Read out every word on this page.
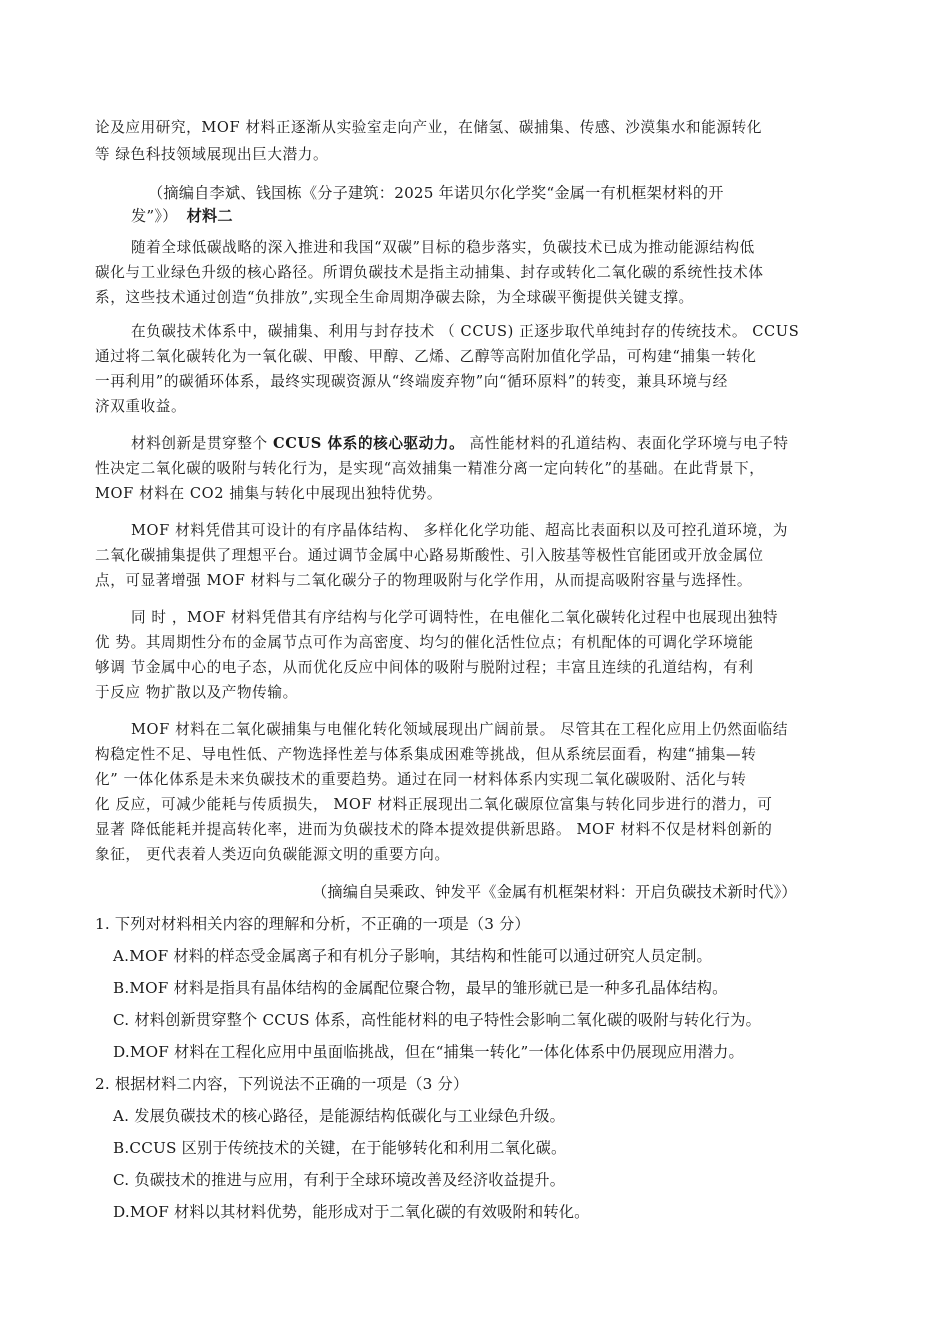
论及应用研究，MOF 材料正逐渐从实验室走向产业，在储氢、碳捕集、传感、沙漠集水和能源转化
等 绿色科技领域展现出巨大潜力。
（摘编自李斌、钱国栋《分子建筑：2025 年诺贝尔化学奖“金属一有机框架材料的开
发”》） 材料二
随着全球低碳战略的深入推进和我国“双碳”目标的稳步落实，负碳技术已成为推动能源结构低
碳化与工业绿色升级的核心路径。所谓负碳技术是指主动捕集、封存或转化二氧化碳的系统性技术体
系，这些技术通过创造“负排放”,实现全生命周期净碳去除，为全球碳平衡提供关键支撑。
在负碳技术体系中，碳捕集、利用与封存技术 （ CCUS) 正逐步取代单纯封存的传统技术。 CCUS
通过将二氧化碳转化为一氧化碳、甲酸、甲醇、乙烯、乙醇等高附加值化学品，可构建“捕集一转化
一再利用”的碳循环体系，最终实现碳资源从“终端废弃物”向“循环原料”的转变，兼具环境与经
济双重收益。
材料创新是贯穿整个 CCUS 体系的核心驱动力。 高性能材料的孔道结构、表面化学环境与电子特
性决定二氧化碳的吸附与转化行为，是实现“高效捕集一精准分离一定向转化”的基础。在此背景下，
MOF 材料在 CO2 捕集与转化中展现出独特优势。
MOF 材料凭借其可设计的有序晶体结构、 多样化化学功能、超高比表面积以及可控孔道环境，为
二氧化碳捕集提供了理想平台。通过调节金属中心路易斯酸性、引入胺基等极性官能团或开放金属位
点，可显著增强 MOF 材料与二氧化碳分子的物理吸附与化学作用，从而提高吸附容量与选择性。
同 时 ，MOF 材料凭借其有序结构与化学可调特性，在电催化二氧化碳转化过程中也展现出独特
优 势。其周期性分布的金属节点可作为高密度、均匀的催化活性位点；有机配体的可调化学环境能
够调 节金属中心的电子态，从而优化反应中间体的吸附与脱附过程；丰富且连续的孔道结构，有利
于反应 物扩散以及产物传输。
MOF 材料在二氧化碳捕集与电催化转化领域展现出广阔前景。 尽管其在工程化应用上仍然面临结
构稳定性不足、导电性低、产物选择性差与体系集成困难等挑战，但从系统层面看，构建“捕集—转
化” 一体化体系是未来负碳技术的重要趋势。通过在同一材料体系内实现二氧化碳吸附、活化与转
化 反应，可减少能耗与传质损失， MOF 材料正展现出二氧化碳原位富集与转化同步进行的潜力，可
显著 降低能耗并提高转化率，进而为负碳技术的降本提效提供新思路。 MOF 材料不仅是材料创新的
象征， 更代表着人类迈向负碳能源文明的重要方向。
（摘编自吴乘政、钟发平《金属有机框架材料：开启负碳技术新时代》）
1. 下列对材料相关内容的理解和分析，不正确的一项是（3 分）
A.MOF 材料的样态受金属离子和有机分子影响，其结构和性能可以通过研究人员定制。
B.MOF 材料是指具有晶体结构的金属配位聚合物，最早的雏形就已是一种多孔晶体结构。
C. 材料创新贯穿整个 CCUS 体系，高性能材料的电子特性会影响二氧化碳的吸附与转化行为。
D.MOF 材料在工程化应用中虽面临挑战，但在“捕集一转化”一体化体系中仍展现应用潜力。
2. 根据材料二内容，下列说法不正确的一项是（3 分）
A. 发展负碳技术的核心路径，是能源结构低碳化与工业绿色升级。
B.CCUS 区别于传统技术的关键，在于能够转化和利用二氧化碳。
C. 负碳技术的推进与应用，有利于全球环境改善及经济收益提升。
D.MOF 材料以其材料优势，能形成对于二氧化碳的有效吸附和转化。
